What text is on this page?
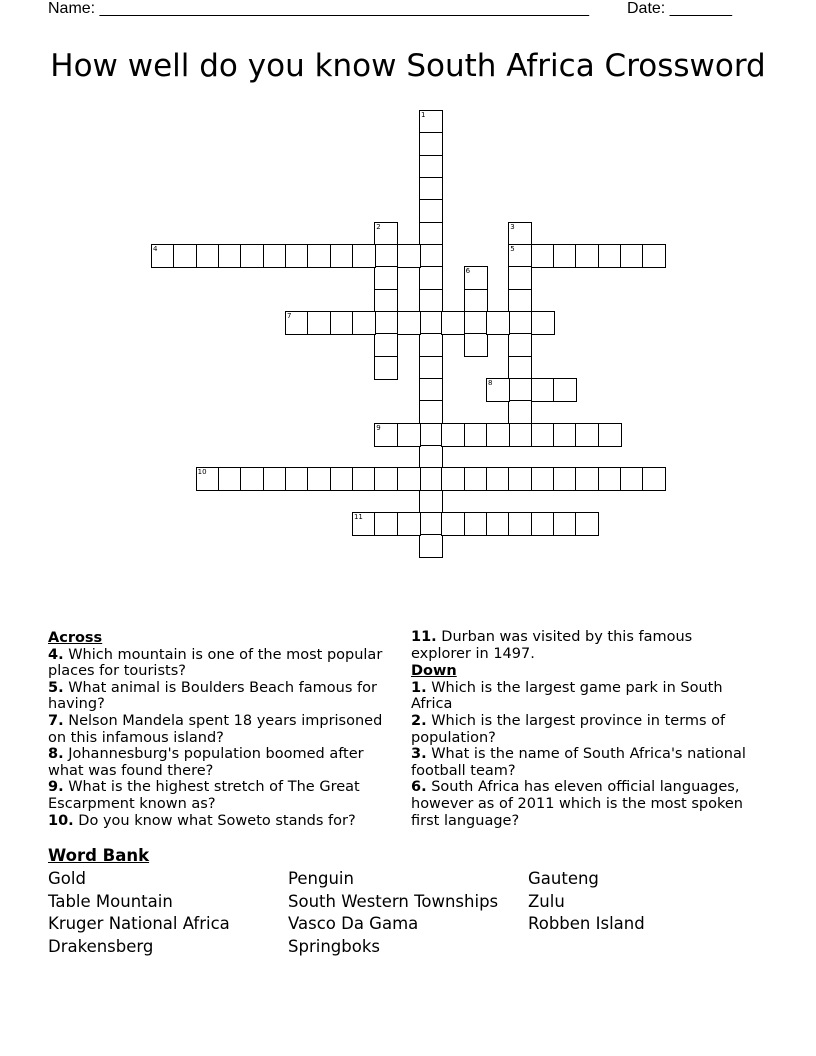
Name: _______________________________________________________ Date: _______
How well do you know South Africa Crossword
1
2	3
5
4
6
7
8
9
10
11
Across
4. Which mountain is one of the most popular places for tourists?
5. What animal is Boulders Beach famous for having?
7. Nelson Mandela spent 18 years imprisoned on this infamous island?
8. Johannesburg's population boomed after what was found there?
9. What is the highest stretch of The Great Escarpment known as?
10. Do you know what Soweto stands for?
11. Durban was visited by this famous explorer in 1497.
Down
1. Which is the largest game park in South Africa
2. Which is the largest province in terms of population?
3. What is the name of South Africa's national football team?
6. South Africa has eleven official languages, however as of 2011 which is the most spoken first language?
Word Bank
Gold
Table Mountain
Kruger National Africa
Drakensberg
Penguin
South Western Townships
Vasco Da Gama
Springboks
Gauteng
Zulu
Robben Island
